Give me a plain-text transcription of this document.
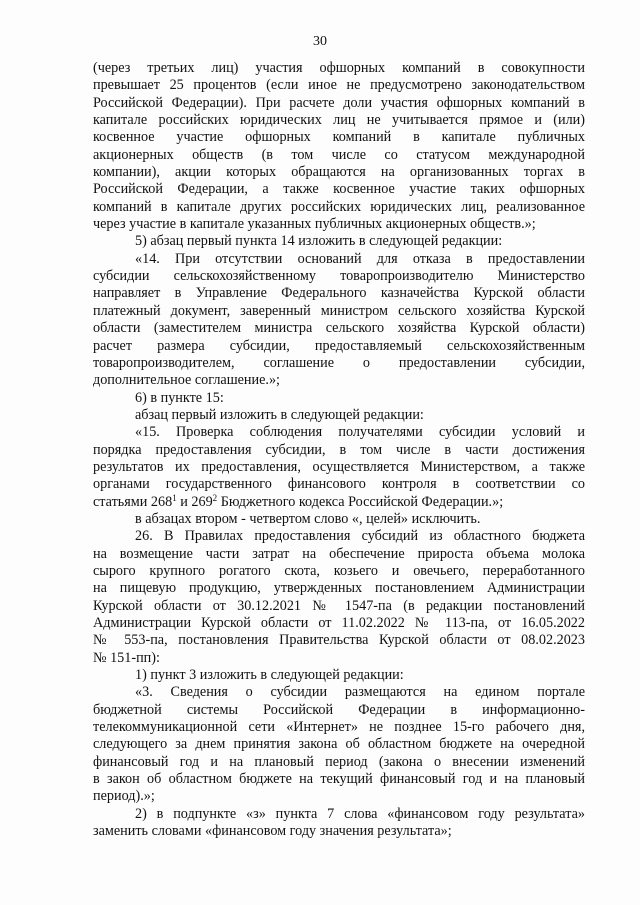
30

(через третьих лиц) участия офшорных компаний в совокупности

превышает 25 процентов (если иное не предусмотрено законодательством

Российской Федерации). При расчете доли участия офшорных компаний в

капитале российских юридических лиц не учитывается прямое и (или)

косвенное участие офшорных компаний в капитале публичных

акционерных обществ (в том числе со статусом международной

компании), акции которых обращаются на организованных торгах в

Российской Федерации, а также косвенное участие таких офшорных

компаний в капитале других российских юридических лиц, реализованное

через участие в капитале указанных публичных акционерных обществ.»;

5) абзац первый пункта 14 изложить в следующей редакции:

«14. При отсутствии оснований для отказа в предоставлении

субсидии сельскохозяйственному товаропроизводителю Министерство

направляет в Управление Федерального казначейства Курской области

платежный документ, заверенный министром сельского хозяйства Курской

области (заместителем министра сельского хозяйства Курской области)

расчет размера субсидии, предоставляемый сельскохозяйственным

товаропроизводителем, соглашение о предоставлении субсидии,

дополнительное соглашение.»;

6) в пункте 15:

абзац первый изложить в следующей редакции:

«15. Проверка соблюдения получателями субсидии условий и

порядка предоставления субсидии, в том числе в части достижения

результатов их предоставления, осуществляется Министерством, а также

органами государственного финансового контроля в соответствии со

статьями $268^1$ и $269^2$ Бюджетного кодекса Российской Федерации.»;

в абзацах втором - четвертом слово «, целей» исключить.

26. В Правилах предоставления субсидий из областного бюджета

на возмещение части затрат на обеспечение прироста объема молока

сырого крупного рогатого скота, козьего и овечьего, переработанного

на пищевую продукцию, утвержденных постановлением Администрации

Курской области от 30.12.2021 № 1547-па (в редакции постановлений

Администрации Курской области от 11.02.2022 № 113-па, от 16.05.2022

№ 553-па, постановления Правительства Курской области от 08.02.2023

№ 151-пп):

1) пункт 3 изложить в следующей редакции:

«3. Сведения о субсидии размещаются на едином портале

бюджетной системы Российской Федерации в информационно-

телекоммуникационной сети «Интернет» не позднее 15-го рабочего дня,

следующего за днем принятия закона об областном бюджете на очередной

финансовый год и на плановый период (закона о внесении изменений

в закон об областном бюджете на текущий финансовый год и на плановый

период).»;

2) в подпункте «з» пункта 7 слова «финансовом году результата»

заменить словами «финансовом году значения результата»;
